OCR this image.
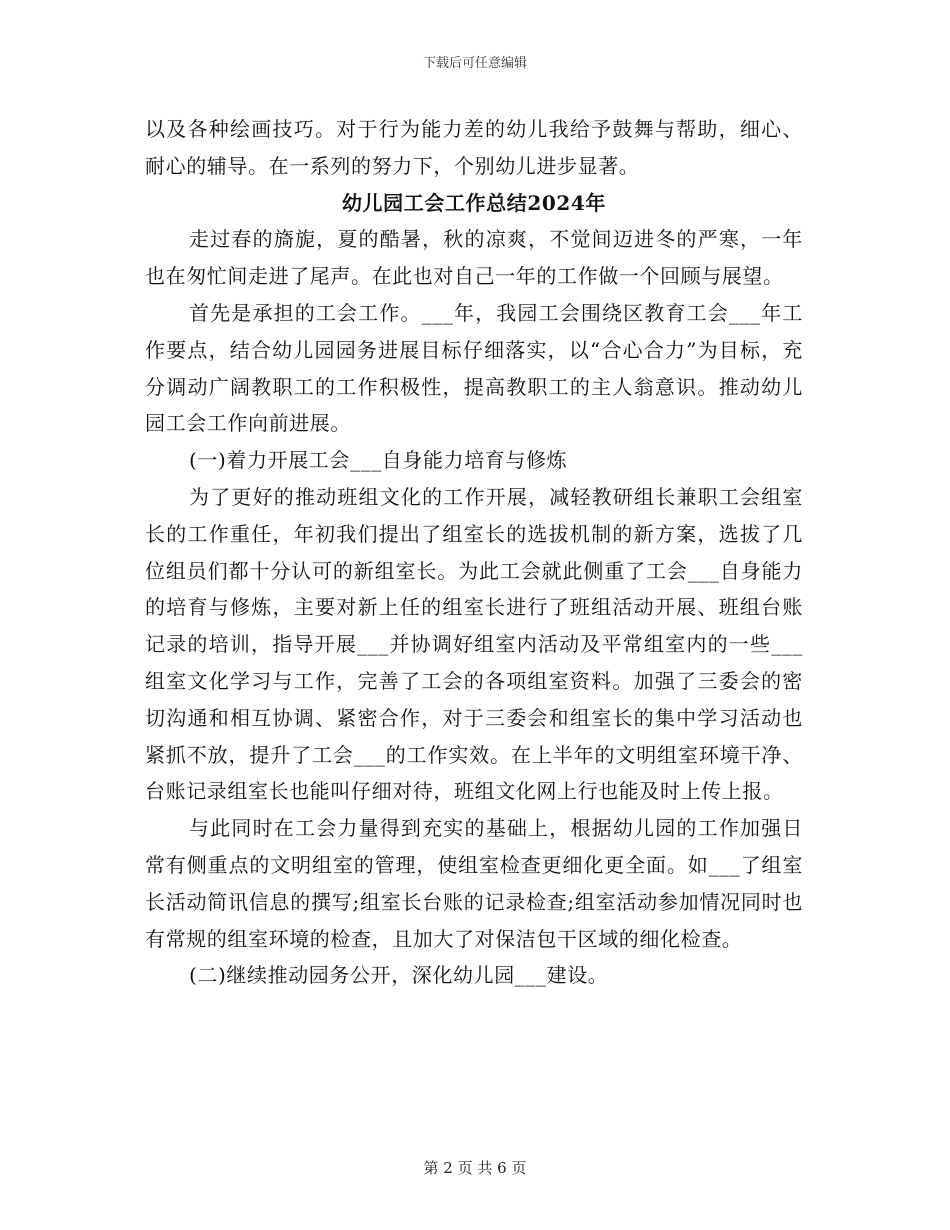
下载后可任意编辑

以及各种绘画技巧。对于行为能力差的幼儿我给予鼓舞与帮助，细心、耐心的辅导。在一系列的努力下，个别幼儿进步显著。

幼儿园工会工作总结2024年

走过春的旖旎，夏的酷暑，秋的凉爽，不觉间迈进冬的严寒，一年也在匆忙间走进了尾声。在此也对自己一年的工作做一个回顾与展望。

首先是承担的工会工作。___年，我园工会围绕区教育工会___年工作要点，结合幼儿园园务进展目标仔细落实，以“合心合力”为目标，充分调动广阔教职工的工作积极性，提高教职工的主人翁意识。推动幼儿园工会工作向前进展。

(一)着力开展工会___自身能力培育与修炼

为了更好的推动班组文化的工作开展，减轻教研组长兼职工会组室长的工作重任，年初我们提出了组室长的选拔机制的新方案，选拔了几位组员们都十分认可的新组室长。为此工会就此侧重了工会___自身能力的培育与修炼，主要对新上任的组室长进行了班组活动开展、班组台账记录的培训，指导开展___并协调好组室内活动及平常组室内的一些___组室文化学习与工作，完善了工会的各项组室资料。加强了三委会的密切沟通和相互协调、紧密合作，对于三委会和组室长的集中学习活动也紧抓不放，提升了工会___的工作实效。在上半年的文明组室环境干净、台账记录组室长也能叫仔细对待，班组文化网上行也能及时上传上报。

与此同时在工会力量得到充实的基础上，根据幼儿园的工作加强日常有侧重点的文明组室的管理，使组室检查更细化更全面。如___了组室长活动简讯信息的撰写;组室长台账的记录检查;组室活动参加情况同时也有常规的组室环境的检查，且加大了对保洁包干区域的细化检查。

(二)继续推动园务公开，深化幼儿园___建设。

第 2 页 共 6 页
